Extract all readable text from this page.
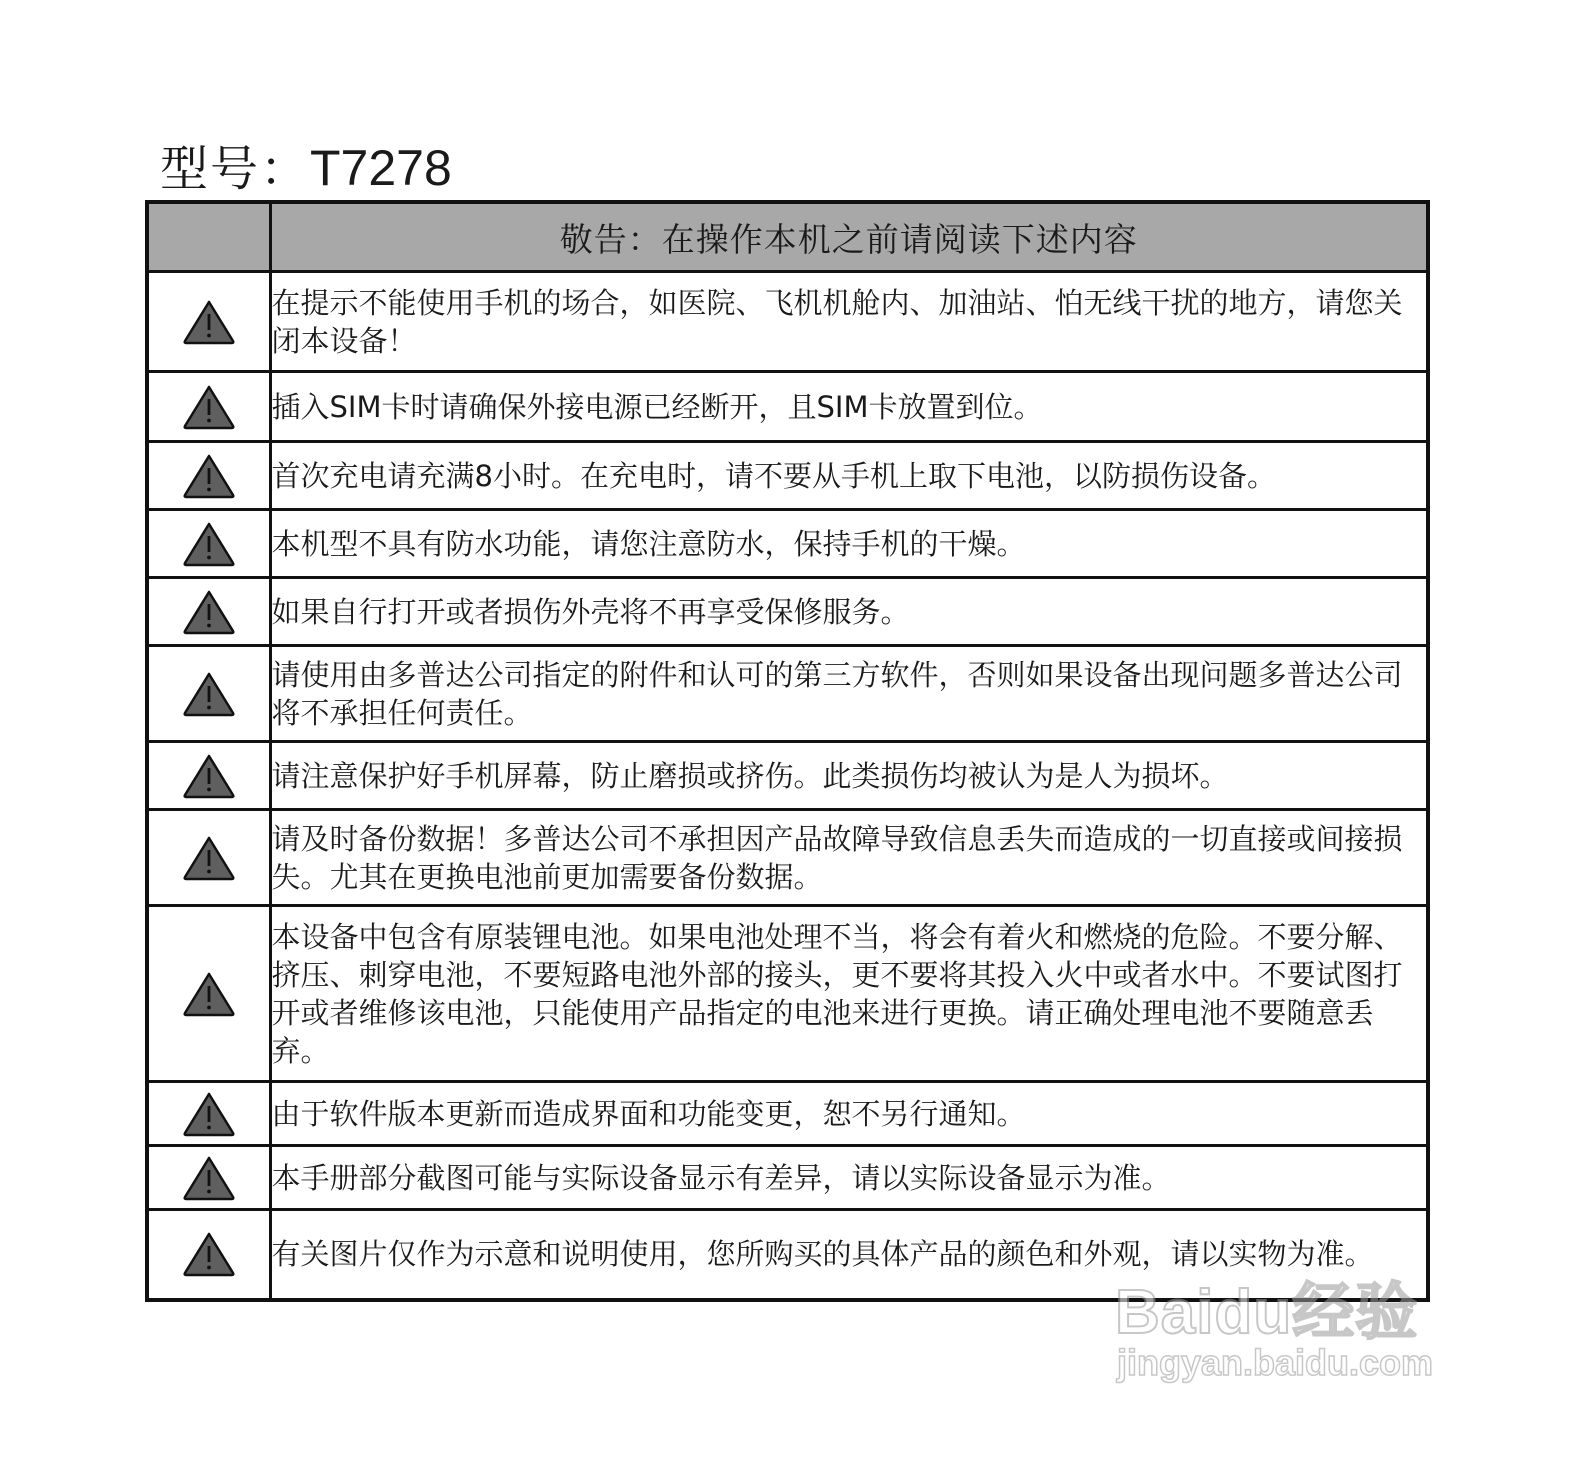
型号：T7278
	敬告：在操作本机之前请阅读下述内容
	在提示不能使用手机的场合，如医院、飞机机舱内、加油站、怕无线干扰的地方，请您关闭本设备！
	插入SIM卡时请确保外接电源已经断开，且SIM卡放置到位。
	首次充电请充满8小时。在充电时，请不要从手机上取下电池，以防损伤设备。
	本机型不具有防水功能，请您注意防水，保持手机的干燥。
	如果自行打开或者损伤外壳将不再享受保修服务。
	请使用由多普达公司指定的附件和认可的第三方软件，否则如果设备出现问题多普达公司将不承担任何责任。
	请注意保护好手机屏幕，防止磨损或挤伤。此类损伤均被认为是人为损坏。
	请及时备份数据！多普达公司不承担因产品故障导致信息丢失而造成的一切直接或间接损失。尤其在更换电池前更加需要备份数据。
	本设备中包含有原装锂电池。如果电池处理不当，将会有着火和燃烧的危险。不要分解、挤压、刺穿电池，不要短路电池外部的接头，更不要将其投入火中或者水中。不要试图打开或者维修该电池，只能使用产品指定的电池来进行更换。请正确处理电池不要随意丢弃。
	由于软件版本更新而造成界面和功能变更，恕不另行通知。
	本手册部分截图可能与实际设备显示有差异，请以实际设备显示为准。
	有关图片仅作为示意和说明使用，您所购买的具体产品的颜色和外观，请以实物为准。
Baidu经验
jingyan.baidu.com
